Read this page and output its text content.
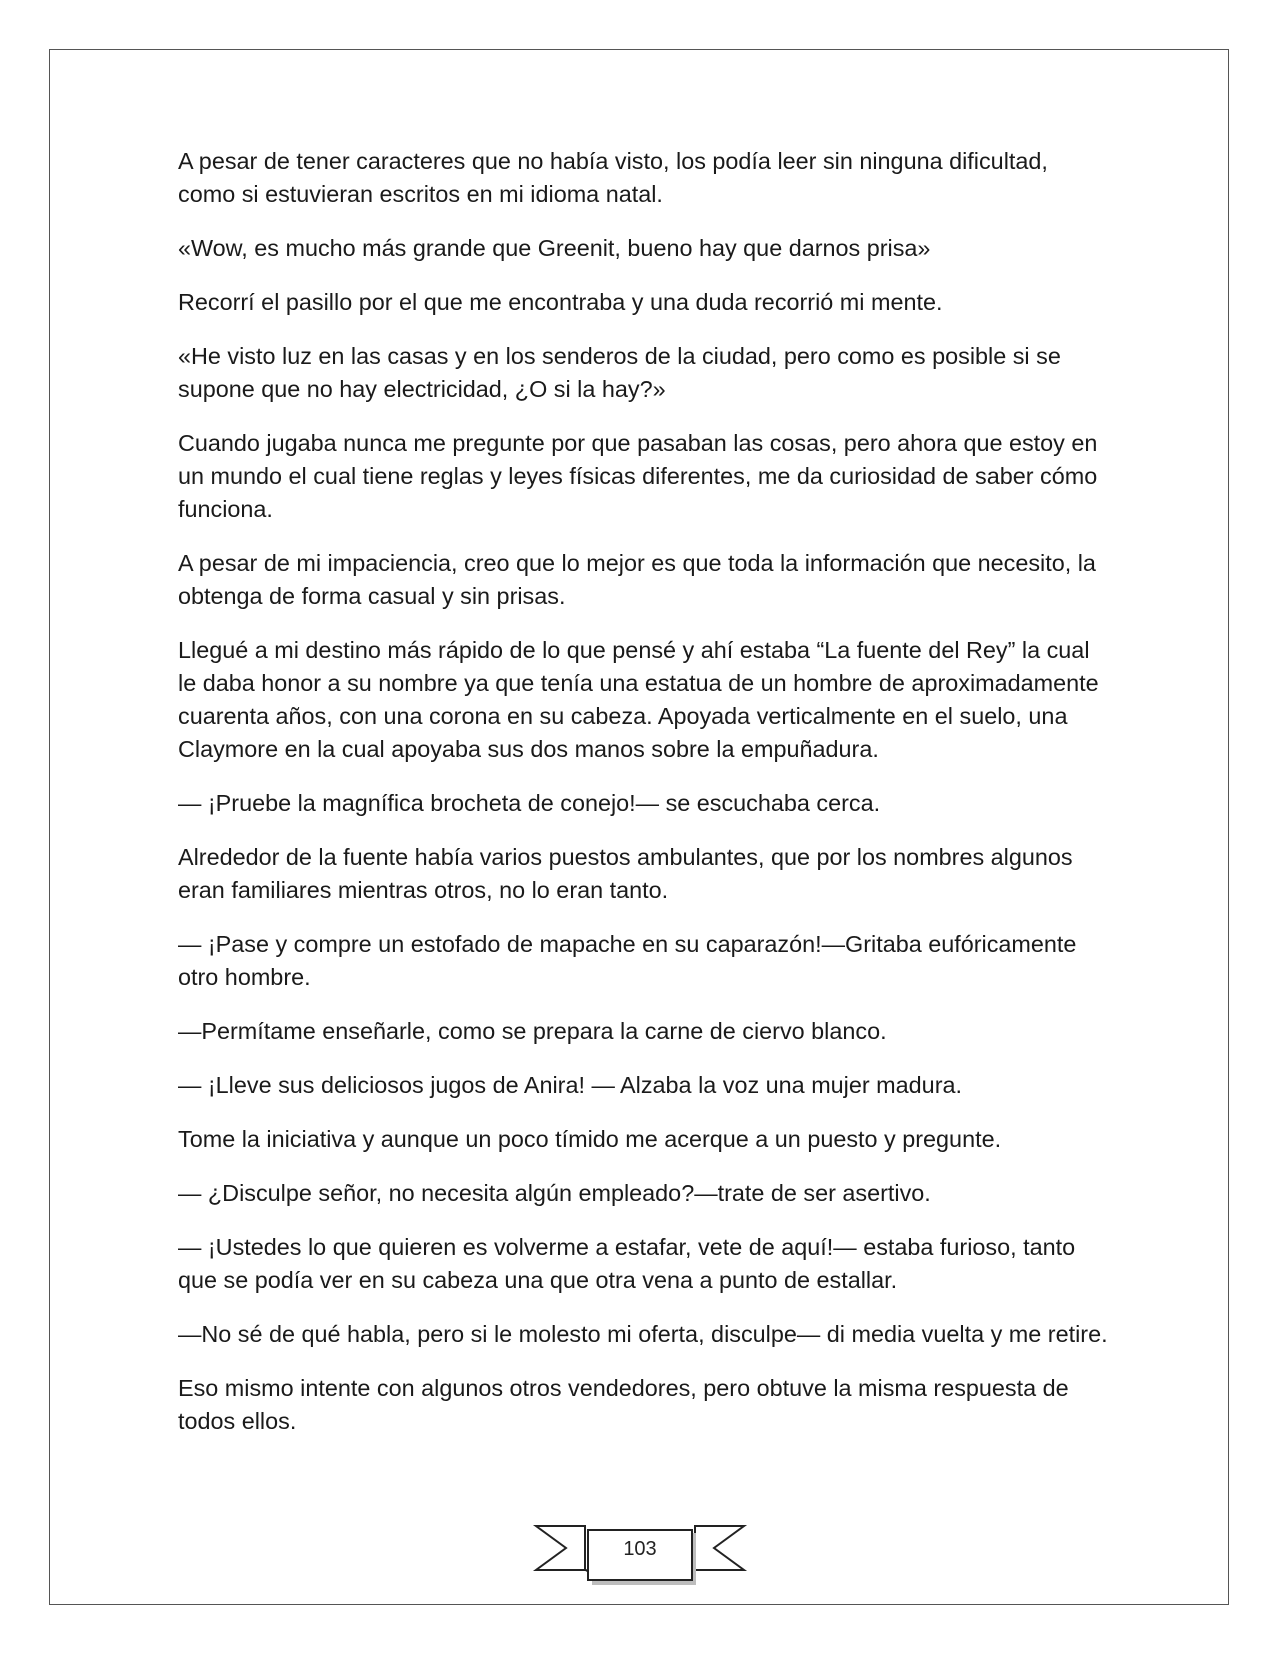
A pesar de tener caracteres que no había visto, los podía leer sin ninguna dificultad, como si estuvieran escritos en mi idioma natal.

«Wow, es mucho más grande que Greenit, bueno hay que darnos prisa»

Recorrí el pasillo por el que me encontraba y una duda recorrió mi mente.

«He visto luz en las casas y en los senderos de la ciudad, pero como es posible si se supone que no hay electricidad, ¿O si la hay?»

Cuando jugaba nunca me pregunte por que pasaban las cosas, pero ahora que estoy en un mundo el cual tiene reglas y leyes físicas diferentes, me da curiosidad de saber cómo funciona.

A pesar de mi impaciencia, creo que lo mejor es que toda la información que necesito, la obtenga de forma casual y sin prisas.

Llegué a mi destino más rápido de lo que pensé y ahí estaba “La fuente del Rey” la cual le daba honor a su nombre ya que tenía una estatua de un hombre de aproximadamente cuarenta años, con una corona en su cabeza. Apoyada verticalmente en el suelo, una Claymore en la cual apoyaba sus dos manos sobre la empuñadura.

— ¡Pruebe la magnífica brocheta de conejo!— se escuchaba cerca.

Alrededor de la fuente había varios puestos ambulantes, que por los nombres algunos eran familiares mientras otros, no lo eran tanto.

— ¡Pase y compre un estofado de mapache en su caparazón!—Gritaba eufóricamente otro hombre.

—Permítame enseñarle, como se prepara la carne de ciervo blanco.

— ¡Lleve sus deliciosos jugos de Anira! — Alzaba la voz una mujer madura.

Tome la iniciativa y aunque un poco tímido me acerque a un puesto y pregunte.

— ¿Disculpe señor, no necesita algún empleado?—trate de ser asertivo.

— ¡Ustedes lo que quieren es volverme a estafar, vete de aquí!— estaba furioso, tanto que se podía ver en su cabeza una que otra vena a punto de estallar.

—No sé de qué habla, pero si le molesto mi oferta, disculpe— di media vuelta y me retire.

Eso mismo intente con algunos otros vendedores, pero obtuve la misma respuesta de todos ellos.

103
